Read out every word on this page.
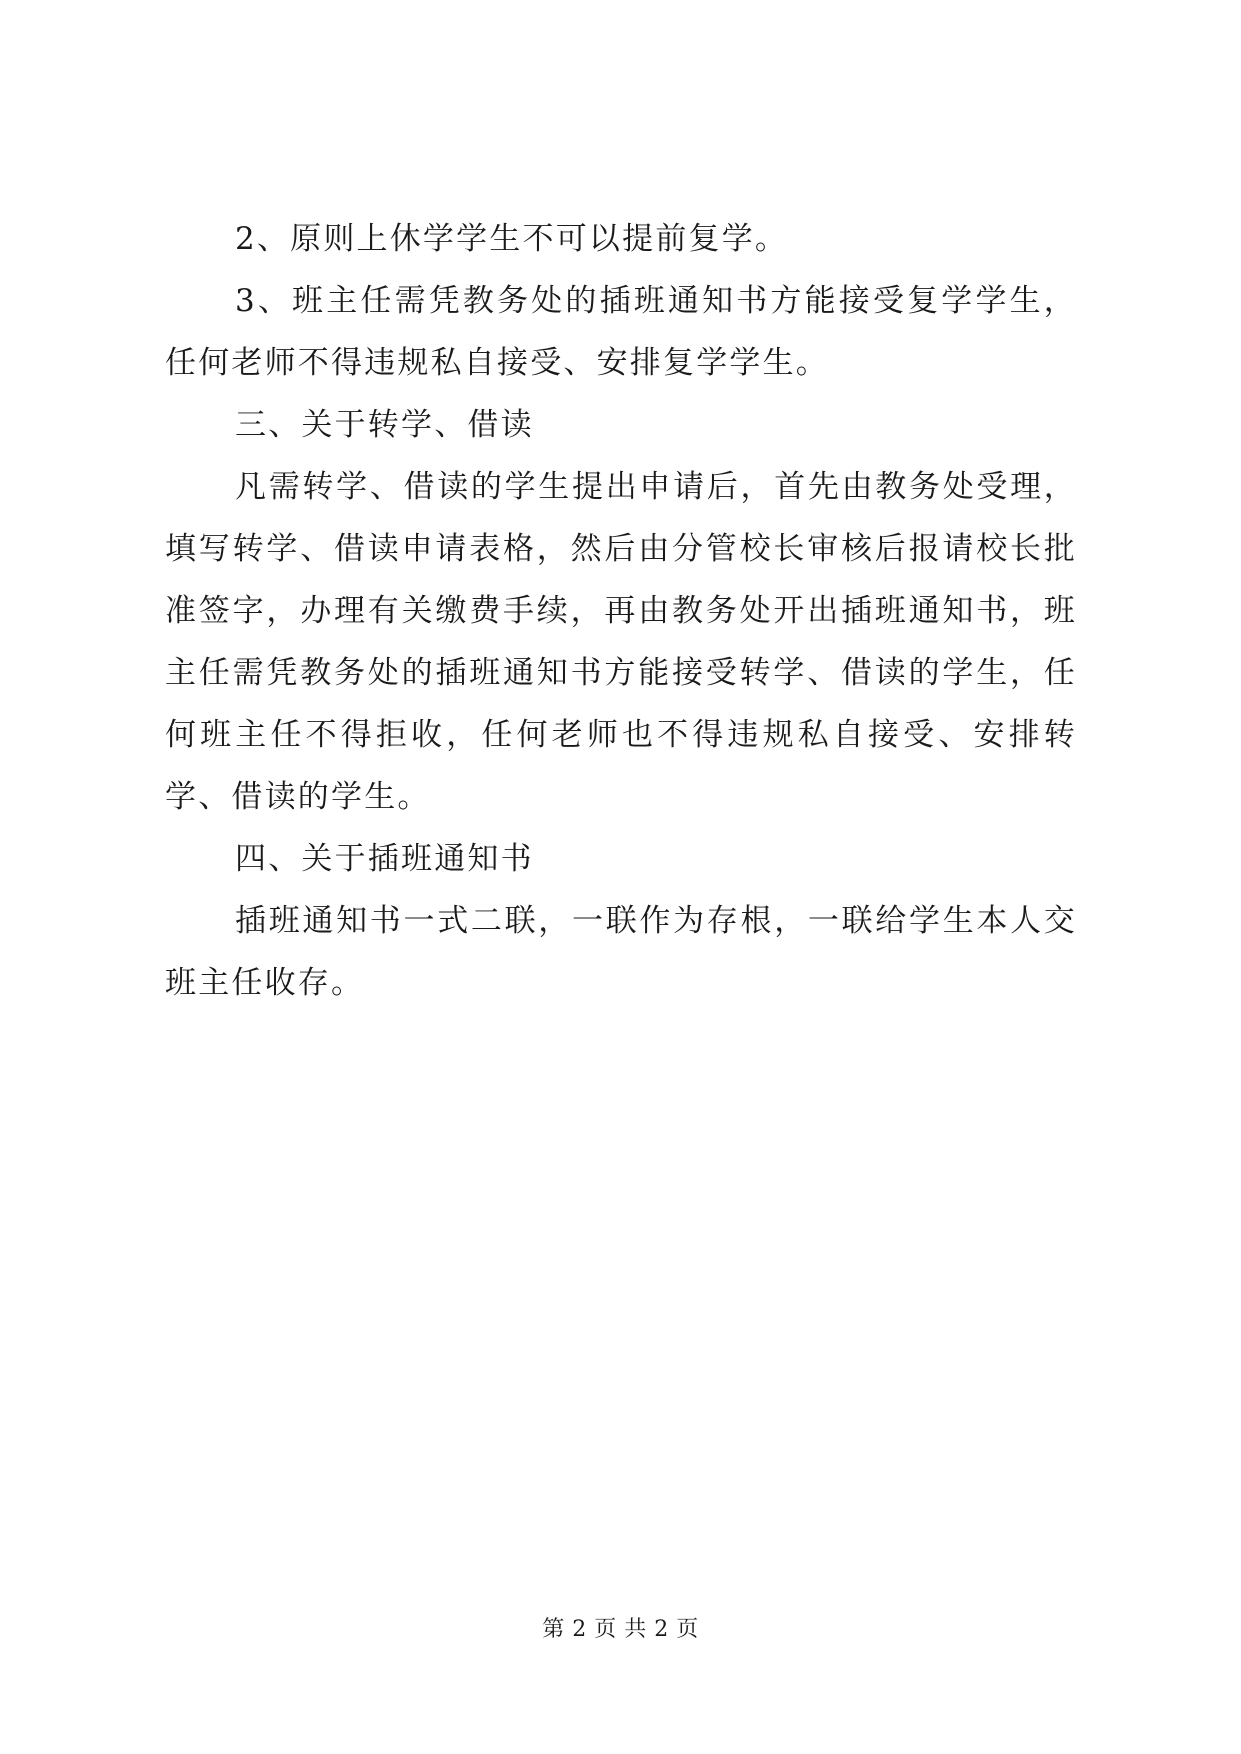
2、原则上休学学生不可以提前复学。

3、班主任需凭教务处的插班通知书方能接受复学学生，任何老师不得违规私自接受、安排复学学生。

三、关于转学、借读

凡需转学、借读的学生提出申请后，首先由教务处受理，填写转学、借读申请表格，然后由分管校长审核后报请校长批准签字，办理有关缴费手续，再由教务处开出插班通知书，班主任需凭教务处的插班通知书方能接受转学、借读的学生，任何班主任不得拒收，任何老师也不得违规私自接受、安排转学、借读的学生。

四、关于插班通知书

插班通知书一式二联，一联作为存根，一联给学生本人交班主任收存。

第 2 页 共 2 页
